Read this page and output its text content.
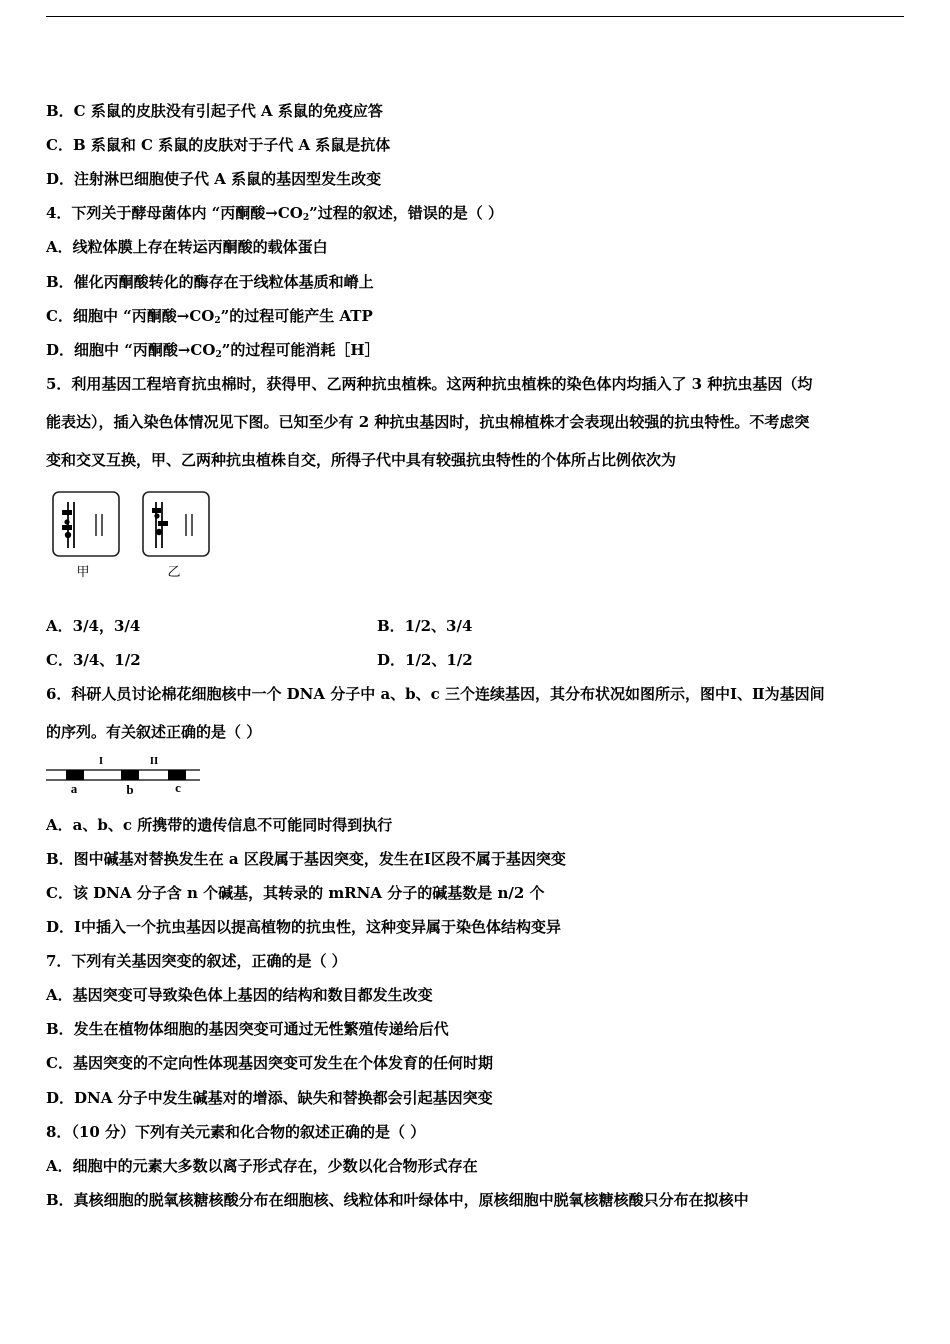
B．C 系鼠的皮肤没有引起子代 A 系鼠的免疫应答
C．B 系鼠和 C 系鼠的皮肤对于子代 A 系鼠是抗体
D．注射淋巴细胞使子代 A 系鼠的基因型发生改变
4．下列关于酵母菌体内 “丙酮酸$\to CO_2$”过程的叙述，错误的是（ ）
A．线粒体膜上存在转运丙酮酸的载体蛋白
B．催化丙酮酸转化的酶存在于线粒体基质和嵴上
C．细胞中 “丙酮酸$\to CO_2$”的过程可能产生 ATP
D．细胞中 “丙酮酸$\to CO_2$”的过程可能消耗［H］
5．利用基因工程培育抗虫棉时，获得甲、乙两种抗虫植株。这两种抗虫植株的染色体内均插入了 3 种抗虫基因（均
能表达），插入染色体情况见下图。已知至少有 2 种抗虫基因时，抗虫棉植株才会表现出较强的抗虫特性。不考虑突
变和交叉互换，甲、乙两种抗虫植株自交，所得子代中具有较强抗虫特性的个体所占比例依次为
甲	乙
A．3/4，3/4	B．1/2、3/4
C．3/4、1/2	D．1/2、1/2
6．科研人员讨论棉花细胞核中一个 DNA 分子中 a、b、c 三个连续基因，其分布状况如图所示，图中Ⅰ、Ⅱ为基因间
的序列。有关叙述正确的是（ ）
I	II
a	b	c
A．a、b、c 所携带的遗传信息不可能同时得到执行
B．图中碱基对替换发生在 a 区段属于基因突变，发生在Ⅰ区段不属于基因突变
C．该 DNA 分子含 n 个碱基，其转录的 mRNA 分子的碱基数是 n/2 个
D．Ⅰ中插入一个抗虫基因以提高植物的抗虫性，这种变异属于染色体结构变异
7．下列有关基因突变的叙述，正确的是（ ）
A．基因突变可导致染色体上基因的结构和数目都发生改变
B．发生在植物体细胞的基因突变可通过无性繁殖传递给后代
C．基因突变的不定向性体现基因突变可发生在个体发育的任何时期
D．DNA 分子中发生碱基对的增添、缺失和替换都会引起基因突变
8．（10 分）下列有关元素和化合物的叙述正确的是（ ）
A．细胞中的元素大多数以离子形式存在，少数以化合物形式存在
B．真核细胞的脱氧核糖核酸分布在细胞核、线粒体和叶绿体中，原核细胞中脱氧核糖核酸只分布在拟核中
